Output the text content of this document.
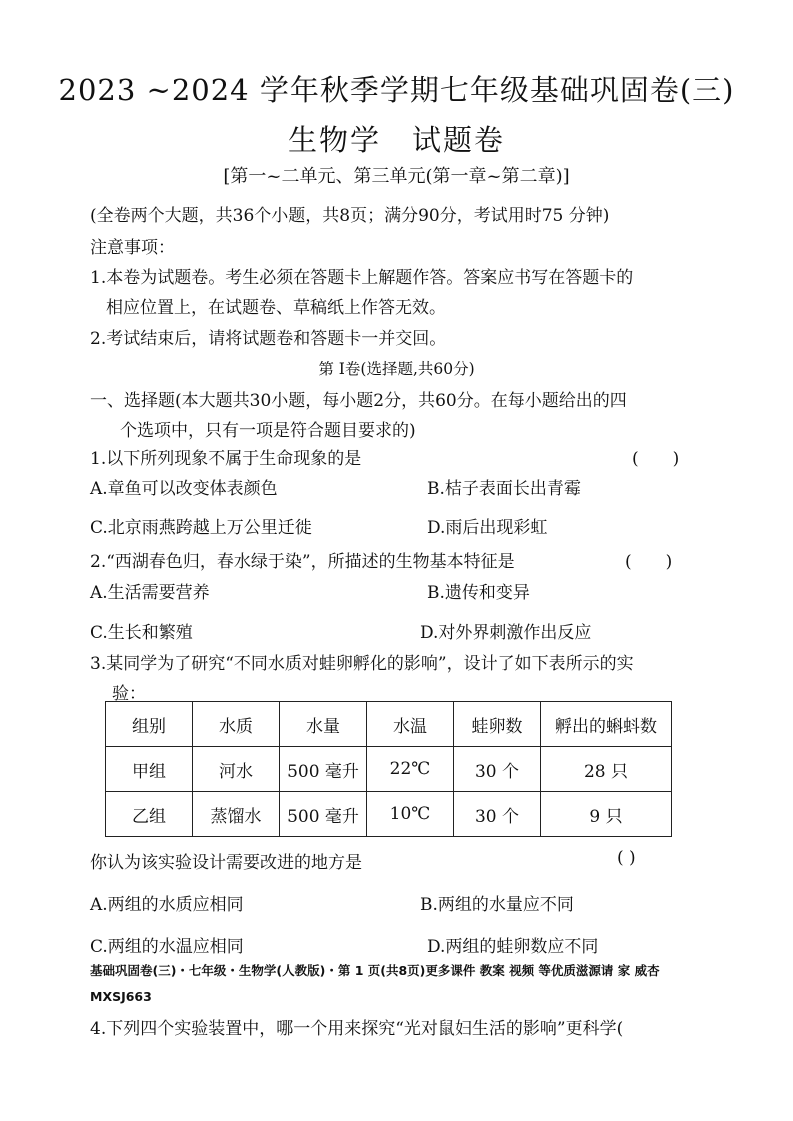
2023 ~2024 学年秋季学期七年级基础巩固卷(三)
生物学　试题卷
[第一~二单元、第三单元(第一章~第二章)]
(全卷两个大题，共36个小题，共8页；满分90分，考试用时75 分钟)
注意事项：
1.本卷为试题卷。考生必须在答题卡上解题作答。答案应书写在答题卡的
相应位置上，在试题卷、草稿纸上作答无效。
2.考试结束后，请将试题卷和答题卡一并交回。
第 Ⅰ卷(选择题,共60分)
一、选择题(本大题共30小题，每小题2分，共60分。在每小题给出的四
个选项中，只有一项是符合题目要求的)
1.以下所列现象不属于生命现象的是	(　　)
A.章鱼可以改变体表颜色	B.桔子表面长出青霉
C.北京雨燕跨越上万公里迁徙	D.雨后出现彩虹
2.“西湖春色归，春水绿于染”，所描述的生物基本特征是	(　　)
A.生活需要营养	B.遗传和变异
C.生长和繁殖	D.对外界刺激作出反应
3.某同学为了研究“不同水质对蛙卵孵化的影响”，设计了如下表所示的实
验：
组别	水质	水量	水温	蛙卵数	孵出的蝌蚪数
甲组	河水	500 毫升	22℃	30 个	28 只
乙组	蒸馏水	500 毫升	10℃	30 个	9 只
你认为该实验设计需要改进的地方是	( )
A.两组的水质应相同	B.两组的水量应不同
C.两组的水温应相同	D.两组的蛙卵数应不同
基础巩固卷(三)・七年级・生物学(人教版)・第 1 页(共8页)更多课件 教案 视频 等优质滋源请 家 威杏
MXSJ663
4.下列四个实验装置中，哪一个用来探究“光对鼠妇生活的影响”更科学(
